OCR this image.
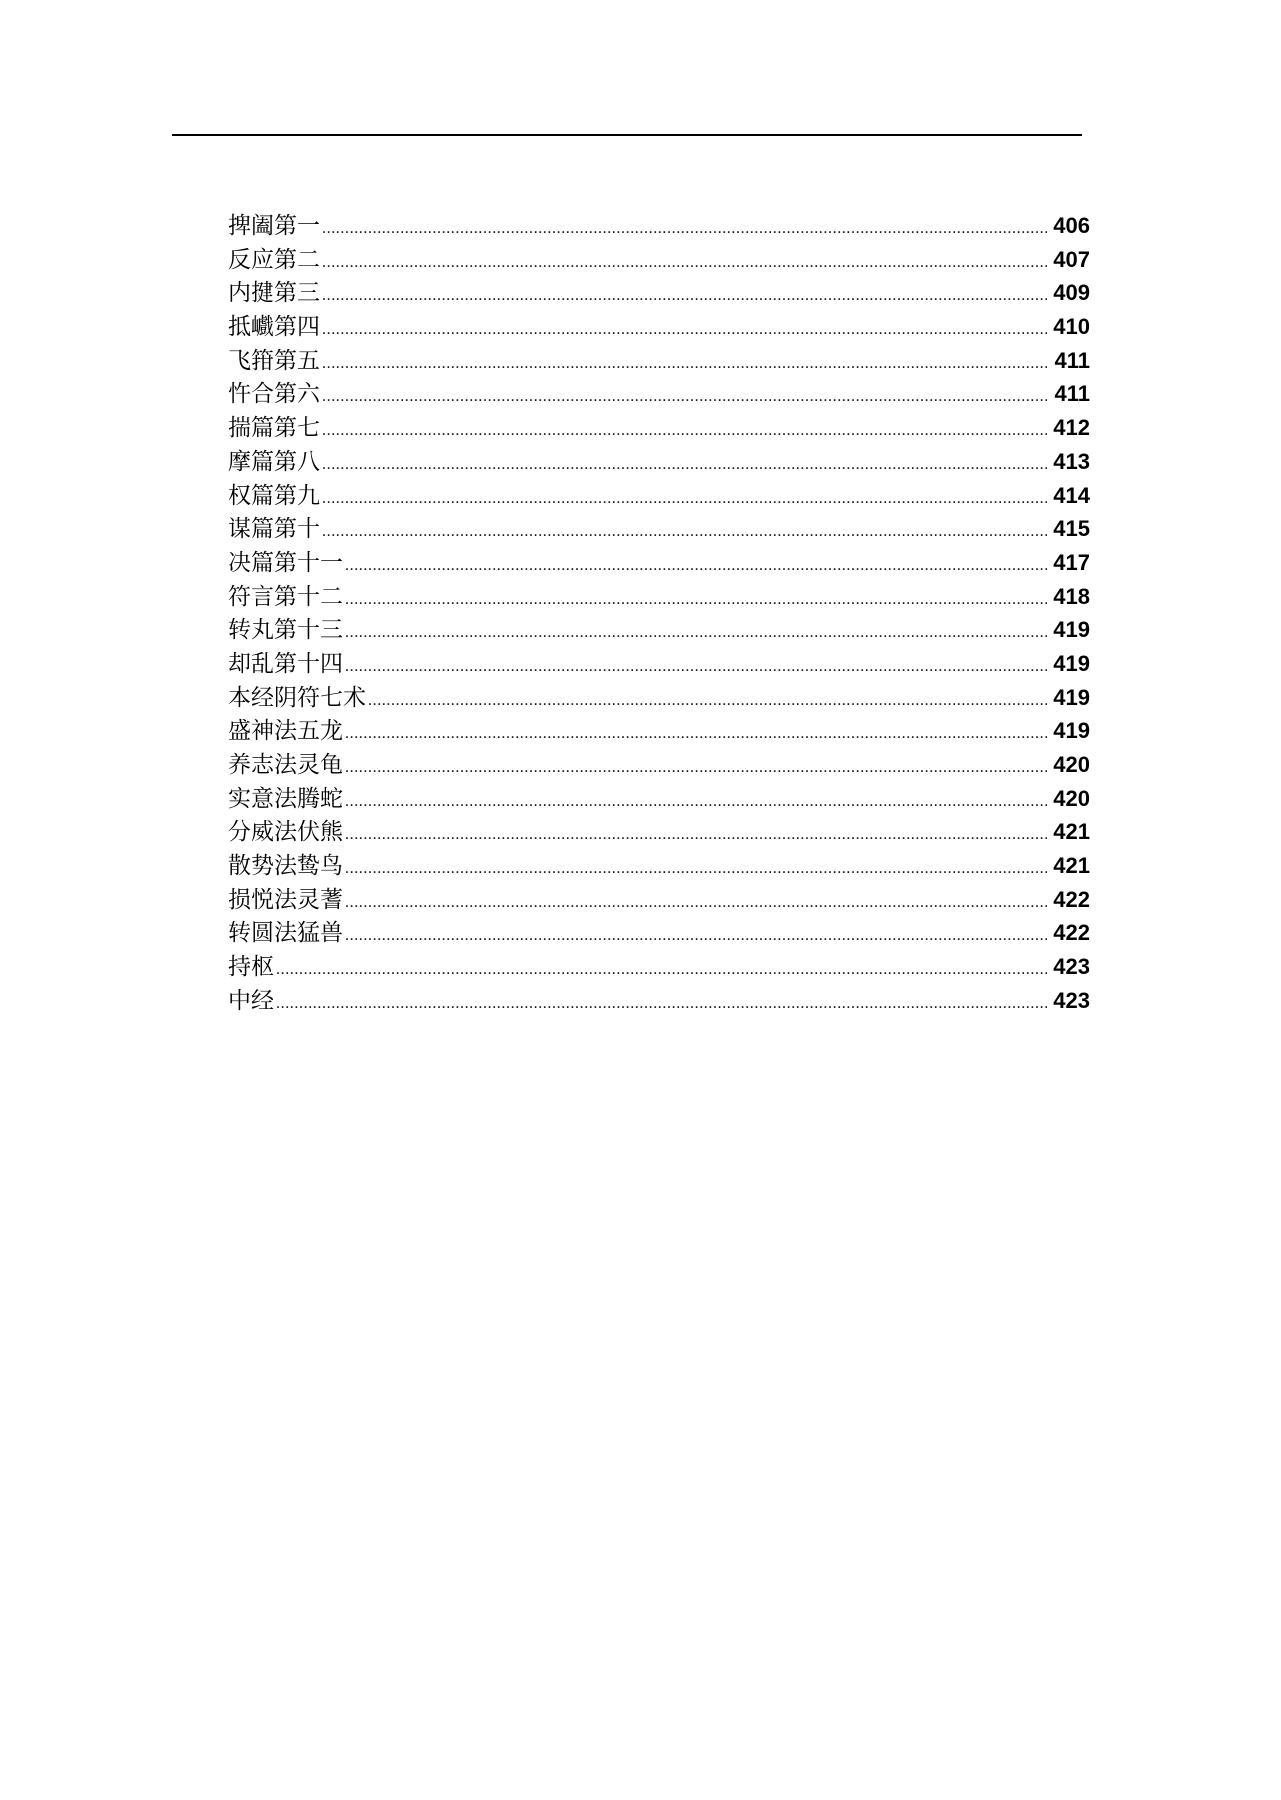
捭阖第一 .....	406
反应第二 .....	407
内揵第三 .....	409
抵巇第四 .....	410
飞箝第五 .....	411
忤合第六 .....	411
揣篇第七 .....	412
摩篇第八 .....	413
权篇第九 .....	414
谋篇第十 .....	415
决篇第十一 .....	417
符言第十二 .....	418
转丸第十三 .....	419
却乱第十四 .....	419
本经阴符七术 .....	419
盛神法五龙 .....	419
养志法灵龟 .....	420
实意法腾蛇 .....	420
分威法伏熊 .....	421
散势法鸷鸟 .....	421
损悦法灵蓍 .....	422
转圆法猛兽 .....	422
持枢 .....	423
中经 .....	423
